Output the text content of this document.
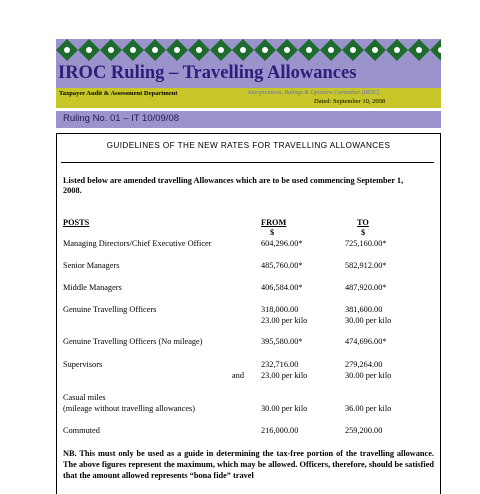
IROC Ruling – Travelling Allowances
Taxpayer Audit & Assessment Department	Interpretation, Rulings & Opinions Committee (IROC)
Dated: September 10, 2008
Ruling No. 01 – IT 10/09/08
GUIDELINES OF THE NEW RATES FOR TRAVELLING ALLOWANCES
Listed below are amended travelling Allowances which are to be used commencing September 1, 2008.
POSTS	FROM	TO
$	$
Managing Directors/Chief Executive Officer	604,296.00*	725,160.00*
Senior Managers	485,760.00*	582,912.00*
Middle Managers	406,584.00*	487,920.00*
Genuine Travelling Officers	318,000.00	381,600.00
23.00 per kilo	30.00 per kilo
Genuine Travelling Officers (No mileage)	395,580.00*	474,696.00*
Supervisors	232,716.00	279,264.00
and 23.00 per kilo	30.00 per kilo
Casual miles
(mileage without travelling allowances)	30.00 per kilo	36.00 per kilo
Commuted	216,000.00	259,200.00
NB. This must only be used as a guide in determining the tax-free portion of the travelling allowance. The above figures represent the maximum, which may be allowed. Officers, therefore, should be satisfied that the amount allowed represents “bona fide” travel
